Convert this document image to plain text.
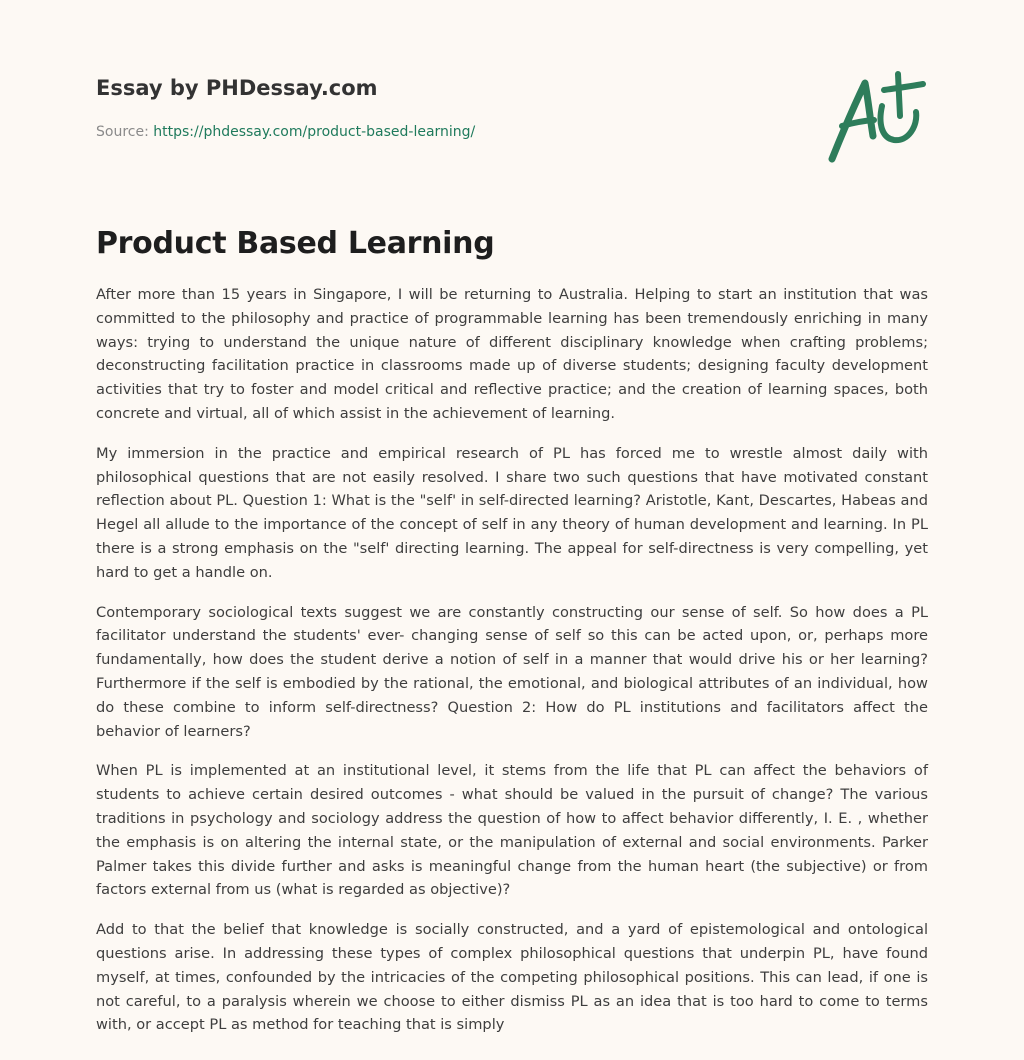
Essay by PHDessay.com
Source: https://phdessay.com/product-based-learning/
Product Based Learning

After more than 15 years in Singapore, I will be returning to Australia. Helping to start an institution that was committed to the philosophy and practice of programmable learning has been tremendously enriching in many ways: trying to understand the unique nature of different disciplinary knowledge when crafting problems; deconstructing facilitation practice in classrooms made up of diverse students; designing faculty development activities that try to foster and model critical and reflective practice; and the creation of learning spaces, both concrete and virtual, all of which assist in the achievement of learning.

My immersion in the practice and empirical research of PL has forced me to wrestle almost daily with philosophical questions that are not easily resolved. I share two such questions that have motivated constant reflection about PL. Question 1: What is the "self' in self-directed learning? Aristotle, Kant, Descartes, Habeas and Hegel all allude to the importance of the concept of self in any theory of human development and learning. In PL there is a strong emphasis on the "self' directing learning. The appeal for self-directness is very compelling, yet hard to get a handle on.

Contemporary sociological texts suggest we are constantly constructing our sense of self. So how does a PL facilitator understand the students' ever- changing sense of self so this can be acted upon, or, perhaps more fundamentally, how does the student derive a notion of self in a manner that would drive his or her learning? Furthermore if the self is embodied by the rational, the emotional, and biological attributes of an individual, how do these combine to inform self-directness? Question 2: How do PL institutions and facilitators affect the behavior of learners?

When PL is implemented at an institutional level, it stems from the life that PL can affect the behaviors of students to achieve certain desired outcomes - what should be valued in the pursuit of change? The various traditions in psychology and sociology address the question of how to affect behavior differently, I. E. , whether the emphasis is on altering the internal state, or the manipulation of external and social environments. Parker Palmer takes this divide further and asks is meaningful change from the human heart (the subjective) or from factors external from us (what is regarded as objective)?

Add to that the belief that knowledge is socially constructed, and a yard of epistemological and ontological questions arise. In addressing these types of complex philosophical questions that underpin PL, have found myself, at times, confounded by the intricacies of the competing philosophical positions. This can lead, if one is not careful, to a paralysis wherein we choose to either dismiss PL as an idea that is too hard to come to terms with, or accept PL as method for teaching that is simply
